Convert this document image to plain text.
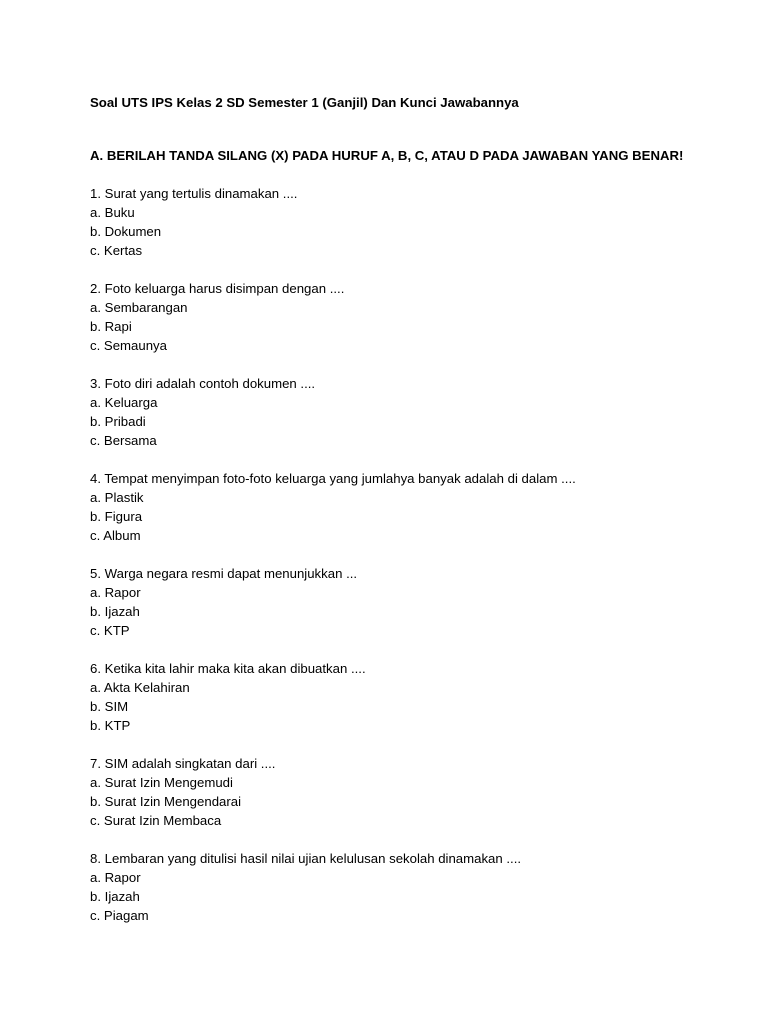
Soal UTS IPS Kelas 2 SD Semester 1 (Ganjil) Dan Kunci Jawabannya

A. BERILAH TANDA SILANG (X) PADA HURUF A, B, C, ATAU D PADA JAWABAN YANG BENAR!

1. Surat yang tertulis dinamakan ....

a. Buku

b. Dokumen

c. Kertas

2. Foto keluarga harus disimpan dengan ....

a. Sembarangan

b. Rapi

c. Semaunya

3. Foto diri adalah contoh dokumen ....

a. Keluarga

b. Pribadi

c. Bersama

4. Tempat menyimpan foto-foto keluarga yang jumlahya banyak adalah di dalam ....

a. Plastik

b. Figura

c. Album

5. Warga negara resmi dapat menunjukkan ...

a. Rapor

b. Ijazah

c. KTP

6. Ketika kita lahir maka kita akan dibuatkan ....

a. Akta Kelahiran

b. SIM

b. KTP

7. SIM adalah singkatan dari ....

a. Surat Izin Mengemudi

b. Surat Izin Mengendarai

c. Surat Izin Membaca

8. Lembaran yang ditulisi hasil nilai ujian kelulusan sekolah dinamakan ....

a. Rapor

b. Ijazah

c. Piagam
